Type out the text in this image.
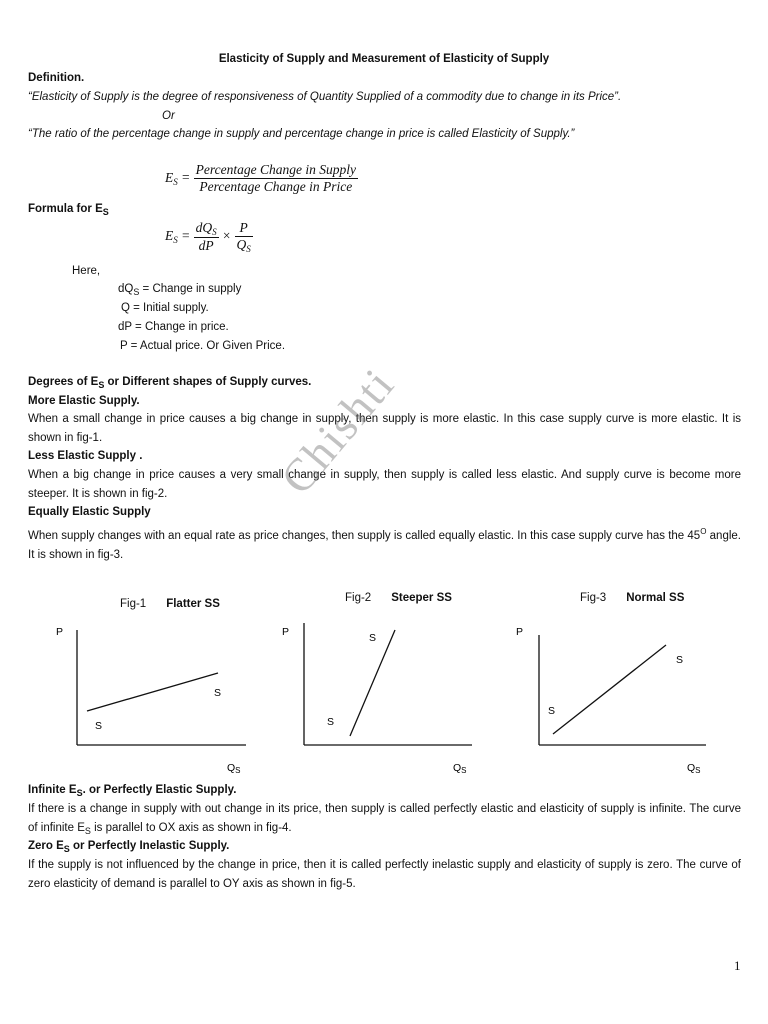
Elasticity of Supply and Measurement of Elasticity of Supply
Definition.
“Elasticity of Supply is the degree of responsiveness of Quantity Supplied of a commodity due to change in its Price”.
Or
“The ratio of the percentage change in supply and percentage change in price is called Elasticity of Supply.”
$E_S = \frac{\text{Percentage Change in Supply}}{\text{Percentage Change in Price}}$
Formula for $E_S$
$E_S = \frac{dQ_S}{dP} \times \frac{P}{Q_S}$
Here,
$dQ_S$ = Change in supply
Q = Initial supply.
dP = Change in price.
P = Actual price. Or Given Price.
Degrees of $E_S$ or Different shapes of Supply curves.
More Elastic Supply.
When a small change in price causes a big change in supply, then supply is more elastic. In this case supply curve is more elastic. It is shown in fig-1.
Less Elastic Supply .
When a big change in price causes a very small change in supply, then supply is called less elastic. And supply curve is become more steeper. It is shown in fig-2.
Equally Elastic Supply
When supply changes with an equal rate as price changes, then supply is called equally elastic. In this case supply curve has the $45^O$ angle. It is shown in fig-3.
Chishti
Fig-1 Flatter SS	Fig-2 Steeper SS	Fig-3 Normal SS
P
S
S
QS
P	S
S
QS
P
S
S
QS
Infinite $E_S$. or Perfectly Elastic Supply.
If there is a change in supply with out change in its price, then supply is called perfectly elastic and elasticity of supply is infinite. The curve of infinite $E_S$ is parallel to OX axis as shown in fig-4.
Zero $E_S$ or Perfectly Inelastic Supply.
If the supply is not influenced by the change in price, then it is called perfectly inelastic supply and elasticity of supply is zero. The curve of zero elasticity of demand is parallel to OY axis as shown in fig-5.
1
